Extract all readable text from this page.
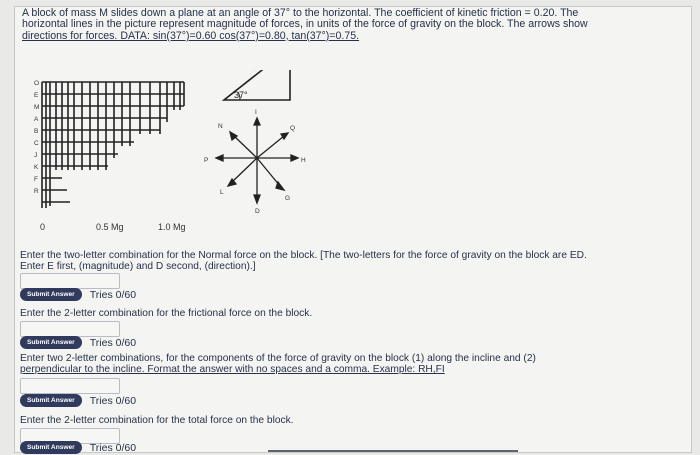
A block of mass M slides down a plane at an angle of 37° to the horizontal. The coefficient of kinetic friction = 0.20. The
horizontal lines in the picture represent magnitude of forces, in units of the force of gravity on the block. The arrows show
directions for forces. DATA: sin(37°)=0.60 cos(37°)=0.80, tan(37°)=0.75.
O
E
M
A
B
C
J
K
F
R
0	0.5 Mg	1.0 Mg
37°
N
I
Q
P	H
L
D
G
Enter the two-letter combination for the Normal force on the block. [The two-letters for the force of gravity on the block are ED.
Enter E first, (magnitude) and D second, (direction).]
Submit Answer	Tries 0/60
Enter the 2-letter combination for the frictional force on the block.
Submit Answer	Tries 0/60
Enter two 2-letter combinations, for the components of the force of gravity on the block (1) along the incline and (2)
perpendicular to the incline. Format the answer with no spaces and a comma. Example: RH,FI
Submit Answer	Tries 0/60
Enter the 2-letter combination for the total force on the block.
Submit Answer	Tries 0/60
